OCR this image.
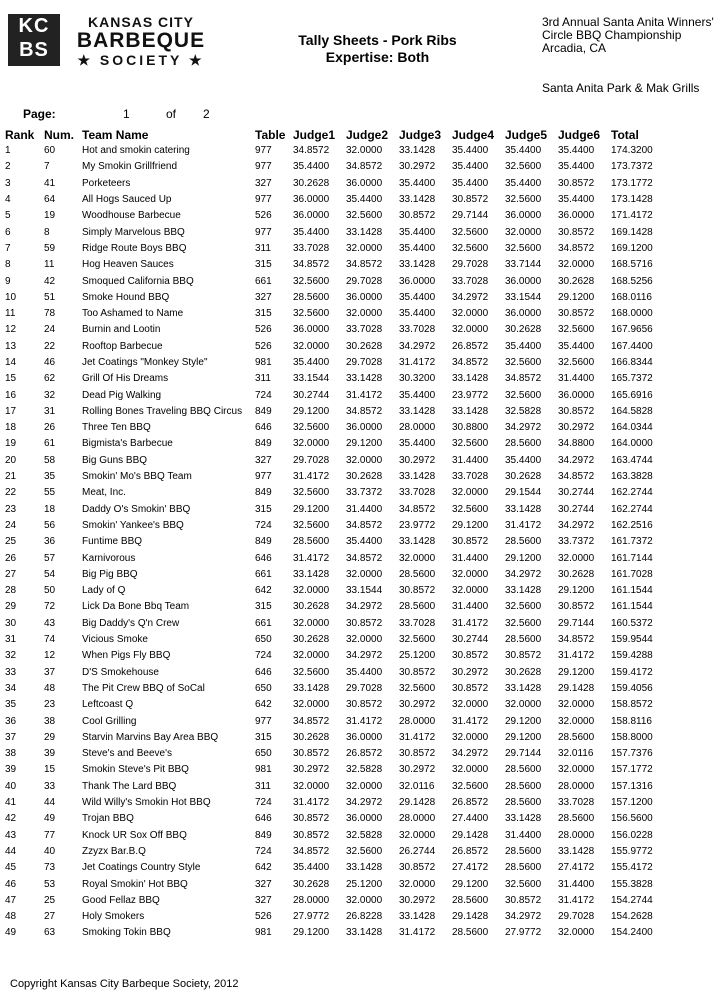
KC
BS
KANSAS CITY
BARBEQUE
★ SOCIETY ★
Tally Sheets - Pork Ribs
Expertise: Both
3rd Annual Santa Anita Winners'
Circle BBQ Championship
Arcadia, CA
Santa Anita Park & Mak Grills
Page:	1	of 2
Rank	Num.	Team Name	Table	Judge1	Judge2	Judge3	Judge4	Judge5	Judge6	Total
1	60	Hot and smokin catering	977	34.8572	32.0000	33.1428	35.4400	35.4400	35.4400	174.3200
2	7	My Smokin Grillfriend	977	35.4400	34.8572	30.2972	35.4400	32.5600	35.4400	173.7372
3	41	Porketeers	327	30.2628	36.0000	35.4400	35.4400	35.4400	30.8572	173.1772
4	64	All Hogs Sauced Up	977	36.0000	35.4400	33.1428	30.8572	32.5600	35.4400	173.1428
5	19	Woodhouse Barbecue	526	36.0000	32.5600	30.8572	29.7144	36.0000	36.0000	171.4172
6	8	Simply Marvelous BBQ	977	35.4400	33.1428	35.4400	32.5600	32.0000	30.8572	169.1428
7	59	Ridge Route Boys BBQ	311	33.7028	32.0000	35.4400	32.5600	32.5600	34.8572	169.1200
8	11	Hog Heaven Sauces	315	34.8572	34.8572	33.1428	29.7028	33.7144	32.0000	168.5716
9	42	Smoqued California BBQ	661	32.5600	29.7028	36.0000	33.7028	36.0000	30.2628	168.5256
10	51	Smoke Hound BBQ	327	28.5600	36.0000	35.4400	34.2972	33.1544	29.1200	168.0116
11	78	Too Ashamed to Name	315	32.5600	32.0000	35.4400	32.0000	36.0000	30.8572	168.0000
12	24	Burnin and Lootin	526	36.0000	33.7028	33.7028	32.0000	30.2628	32.5600	167.9656
13	22	Rooftop Barbecue	526	32.0000	30.2628	34.2972	26.8572	35.4400	35.4400	167.4400
14	46	Jet Coatings "Monkey Style"	981	35.4400	29.7028	31.4172	34.8572	32.5600	32.5600	166.8344
15	62	Grill Of His Dreams	311	33.1544	33.1428	30.3200	33.1428	34.8572	31.4400	165.7372
16	32	Dead Pig Walking	724	30.2744	31.4172	35.4400	23.9772	32.5600	36.0000	165.6916
17	31	Rolling Bones Traveling BBQ Circus	849	29.1200	34.8572	33.1428	33.1428	32.5828	30.8572	164.5828
18	26	Three Ten BBQ	646	32.5600	36.0000	28.0000	30.8800	34.2972	30.2972	164.0344
19	61	Bigmista's Barbecue	849	32.0000	29.1200	35.4400	32.5600	28.5600	34.8800	164.0000
20	58	Big Guns BBQ	327	29.7028	32.0000	30.2972	31.4400	35.4400	34.2972	163.4744
21	35	Smokin' Mo's BBQ Team	977	31.4172	30.2628	33.1428	33.7028	30.2628	34.8572	163.3828
22	55	Meat, Inc.	849	32.5600	33.7372	33.7028	32.0000	29.1544	30.2744	162.2744
23	18	Daddy O's Smokin' BBQ	315	29.1200	31.4400	34.8572	32.5600	33.1428	30.2744	162.2744
24	56	Smokin' Yankee's BBQ	724	32.5600	34.8572	23.9772	29.1200	31.4172	34.2972	162.2516
25	36	Funtime BBQ	849	28.5600	35.4400	33.1428	30.8572	28.5600	33.7372	161.7372
26	57	Karnivorous	646	31.4172	34.8572	32.0000	31.4400	29.1200	32.0000	161.7144
27	54	Big Pig BBQ	661	33.1428	32.0000	28.5600	32.0000	34.2972	30.2628	161.7028
28	50	Lady of Q	642	32.0000	33.1544	30.8572	32.0000	33.1428	29.1200	161.1544
29	72	Lick Da Bone Bbq Team	315	30.2628	34.2972	28.5600	31.4400	32.5600	30.8572	161.1544
30	43	Big Daddy's Q'n Crew	661	32.0000	30.8572	33.7028	31.4172	32.5600	29.7144	160.5372
31	74	Vicious Smoke	650	30.2628	32.0000	32.5600	30.2744	28.5600	34.8572	159.9544
32	12	When Pigs Fly BBQ	724	32.0000	34.2972	25.1200	30.8572	30.8572	31.4172	159.4288
33	37	D'S Smokehouse	646	32.5600	35.4400	30.8572	30.2972	30.2628	29.1200	159.4172
34	48	The Pit Crew BBQ of SoCal	650	33.1428	29.7028	32.5600	30.8572	33.1428	29.1428	159.4056
35	23	Leftcoast Q	642	32.0000	30.8572	30.2972	32.0000	32.0000	32.0000	158.8572
36	38	Cool Grilling	977	34.8572	31.4172	28.0000	31.4172	29.1200	32.0000	158.8116
37	29	Starvin Marvins Bay Area BBQ	315	30.2628	36.0000	31.4172	32.0000	29.1200	28.5600	158.8000
38	39	Steve's and Beeve's	650	30.8572	26.8572	30.8572	34.2972	29.7144	32.0116	157.7376
39	15	Smokin Steve's Pit BBQ	981	30.2972	32.5828	30.2972	32.0000	28.5600	32.0000	157.1772
40	33	Thank The Lard BBQ	311	32.0000	32.0000	32.0116	32.5600	28.5600	28.0000	157.1316
41	44	Wild Willy's Smokin Hot BBQ	724	31.4172	34.2972	29.1428	26.8572	28.5600	33.7028	157.1200
42	49	Trojan BBQ	646	30.8572	36.0000	28.0000	27.4400	33.1428	28.5600	156.5600
43	77	Knock UR Sox Off BBQ	849	30.8572	32.5828	32.0000	29.1428	31.4400	28.0000	156.0228
44	40	Zzyzx Bar.B.Q	724	34.8572	32.5600	26.2744	26.8572	28.5600	33.1428	155.9772
45	73	Jet Coatings Country Style	642	35.4400	33.1428	30.8572	27.4172	28.5600	27.4172	155.4172
46	53	Royal Smokin' Hot BBQ	327	30.2628	25.1200	32.0000	29.1200	32.5600	31.4400	155.3828
47	25	Good Fellaz BBQ	327	28.0000	32.0000	30.2972	28.5600	30.8572	31.4172	154.2744
48	27	Holy Smokers	526	27.9772	26.8228	33.1428	29.1428	34.2972	29.7028	154.2628
49	63	Smoking Tokin BBQ	981	29.1200	33.1428	31.4172	28.5600	27.9772	32.0000	154.2400
Copyright Kansas City Barbeque Society, 2012
